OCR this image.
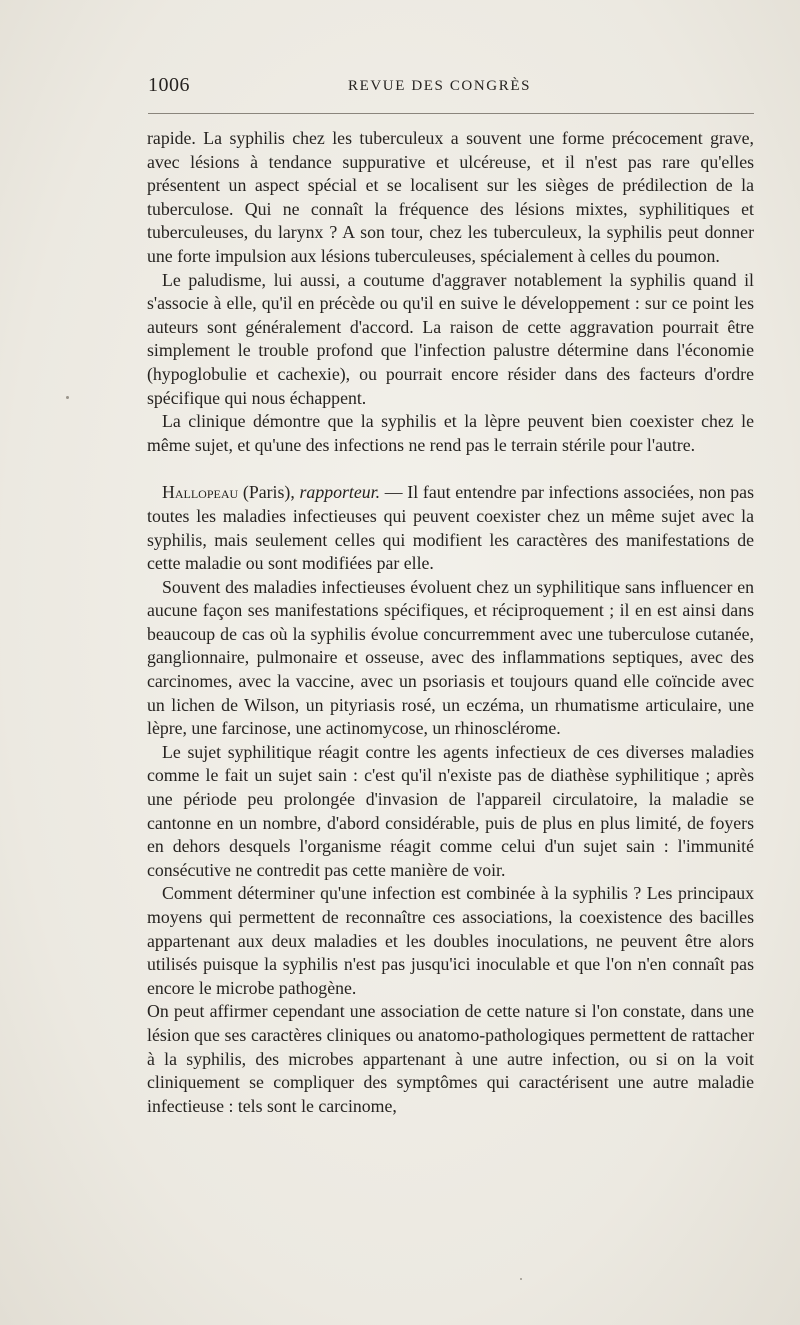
1006	REVUE DES CONGRÈS

rapide. La syphilis chez les tuberculeux a souvent une forme précocement grave, avec lésions à tendance suppurative et ulcéreuse, et il n'est pas rare qu'elles présentent un aspect spécial et se localisent sur les sièges de prédilection de la tuberculose. Qui ne connaît la fréquence des lésions mixtes, syphilitiques et tuberculeuses, du larynx ? A son tour, chez les tuberculeux, la syphilis peut donner une forte impulsion aux lésions tuberculeuses, spécialement à celles du poumon.

Le paludisme, lui aussi, a coutume d'aggraver notablement la syphilis quand il s'associe à elle, qu'il en précède ou qu'il en suive le développement : sur ce point les auteurs sont généralement d'accord. La raison de cette aggravation pourrait être simplement le trouble profond que l'infection palustre détermine dans l'économie (hypoglobulie et cachexie), ou pourrait encore résider dans des facteurs d'ordre spécifique qui nous échappent.

La clinique démontre que la syphilis et la lèpre peuvent bien coexister chez le même sujet, et qu'une des infections ne rend pas le terrain stérile pour l'autre.

Hallopeau (Paris), rapporteur. — Il faut entendre par infections associées, non pas toutes les maladies infectieuses qui peuvent coexister chez un même sujet avec la syphilis, mais seulement celles qui modifient les caractères des manifestations de cette maladie ou sont modifiées par elle.

Souvent des maladies infectieuses évoluent chez un syphilitique sans influencer en aucune façon ses manifestations spécifiques, et réciproquement ; il en est ainsi dans beaucoup de cas où la syphilis évolue concurremment avec une tuberculose cutanée, ganglionnaire, pulmonaire et osseuse, avec des inflammations septiques, avec des carcinomes, avec la vaccine, avec un psoriasis et toujours quand elle coïncide avec un lichen de Wilson, un pityriasis rosé, un eczéma, un rhumatisme articulaire, une lèpre, une farcinose, une actinomycose, un rhinosclérome.

Le sujet syphilitique réagit contre les agents infectieux de ces diverses maladies comme le fait un sujet sain : c'est qu'il n'existe pas de diathèse syphilitique ; après une période peu prolongée d'invasion de l'appareil circulatoire, la maladie se cantonne en un nombre, d'abord considérable, puis de plus en plus limité, de foyers en dehors desquels l'organisme réagit comme celui d'un sujet sain : l'immunité consécutive ne contredit pas cette manière de voir.

Comment déterminer qu'une infection est combinée à la syphilis ? Les principaux moyens qui permettent de reconnaître ces associations, la coexistence des bacilles appartenant aux deux maladies et les doubles inoculations, ne peuvent être alors utilisés puisque la syphilis n'est pas jusqu'ici inoculable et que l'on n'en connaît pas encore le microbe pathogène.

On peut affirmer cependant une association de cette nature si l'on constate, dans une lésion que ses caractères cliniques ou anatomo-pathologiques permettent de rattacher à la syphilis, des microbes appartenant à une autre infection, ou si on la voit cliniquement se compliquer des symptômes qui caractérisent une autre maladie infectieuse : tels sont le carcinome,
